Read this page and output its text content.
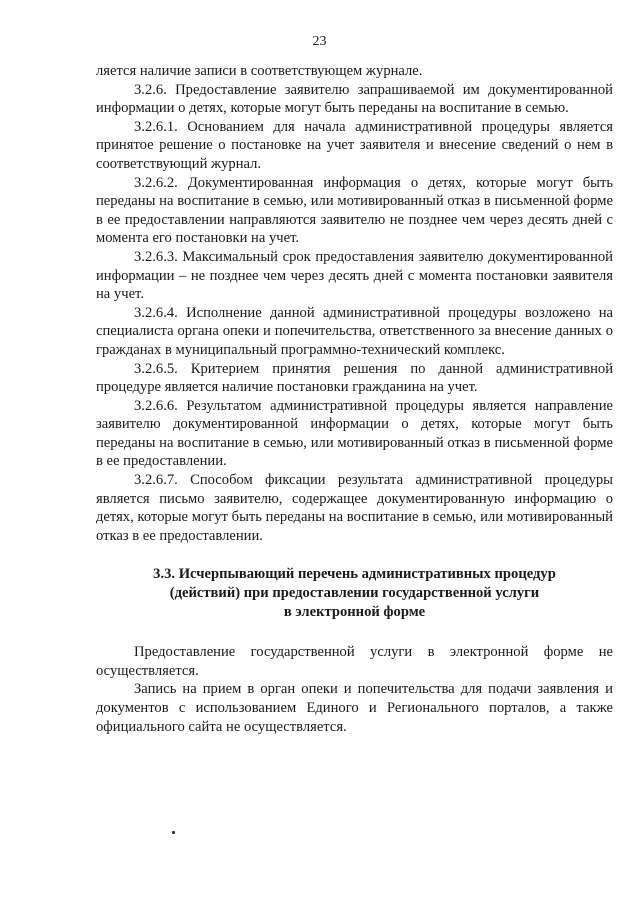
23

ляется наличие записи в соответствующем журнале.

3.2.6. Предоставление заявителю запрашиваемой им документированной информации о детях, которые могут быть переданы на воспитание в семью.

3.2.6.1. Основанием для начала административной процедуры является принятое решение о постановке на учет заявителя и внесение сведений о нем в соответствующий журнал.

3.2.6.2. Документированная информация о детях, которые могут быть переданы на воспитание в семью, или мотивированный отказ в письменной форме в ее предоставлении направляются заявителю не позднее чем через десять дней с момента его постановки на учет.

3.2.6.3. Максимальный срок предоставления заявителю документированной информации – не позднее чем через десять дней с момента постановки заявителя на учет.

3.2.6.4. Исполнение данной административной процедуры возложено на специалиста органа опеки и попечительства, ответственного за внесение данных о гражданах в муниципальный программно-технический комплекс.

3.2.6.5. Критерием принятия решения по данной административной процедуре является наличие постановки гражданина на учет.

3.2.6.6. Результатом административной процедуры является направление заявителю документированной информации о детях, которые могут быть переданы на воспитание в семью, или мотивированный отказ в письменной форме в ее предоставлении.

3.2.6.7. Способом фиксации результата административной процедуры является письмо заявителю, содержащее документированную информацию о детях, которые могут быть переданы на воспитание в семью, или мотивированный отказ в ее предоставлении.

3.3. Исчерпывающий перечень административных процедур
(действий) при предоставлении государственной услуги
в электронной форме

Предоставление государственной услуги в электронной форме не осуществляется.

Запись на прием в орган опеки и попечительства для подачи заявления и документов с использованием Единого и Регионального порталов, а также официального сайта не осуществляется.
